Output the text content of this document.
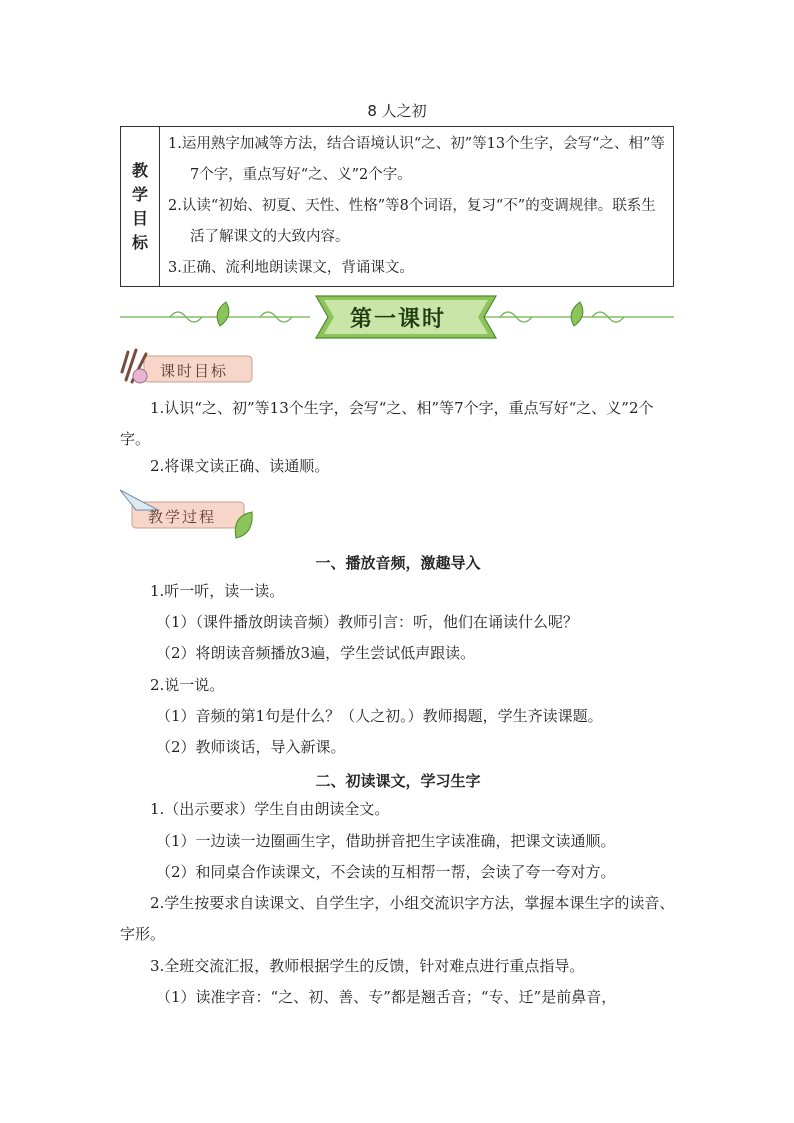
8 人之初
教
学
目
标

1.运用熟字加减等方法，结合语境认识“之、初”等13个生字，会写“之、相”等7个字，重点写好“之、义”2个字。
2.认读“初始、初夏、天性、性格”等8个词语，复习“不”的变调规律。联系生活了解课文的大致内容。
3.正确、流利地朗读课文，背诵课文。
第一课时
课时目标
1.认识“之、初”等13个生字，会写“之、相”等7个字，重点写好“之、义”2个字。
2.将课文读正确、读通顺。
教学过程
一、播放音频，激趣导入
1.听一听，读一读。
（1）（课件播放朗读音频）教师引言：听，他们在诵读什么呢？
（2）将朗读音频播放3遍，学生尝试低声跟读。
2.说一说。
（1）音频的第1句是什么？（人之初。）教师揭题，学生齐读课题。
（2）教师谈话，导入新课。
二、初读课文，学习生字
1.（出示要求）学生自由朗读全文。
（1）一边读一边圈画生字，借助拼音把生字读准确，把课文读通顺。
（2）和同桌合作读课文，不会读的互相帮一帮，会读了夸一夸对方。
2.学生按要求自读课文、自学生字，小组交流识字方法，掌握本课生字的读音、字形。
3.全班交流汇报，教师根据学生的反馈，针对难点进行重点指导。
（1）读准字音：“之、初、善、专”都是翘舌音；“专、迁”是前鼻音，
